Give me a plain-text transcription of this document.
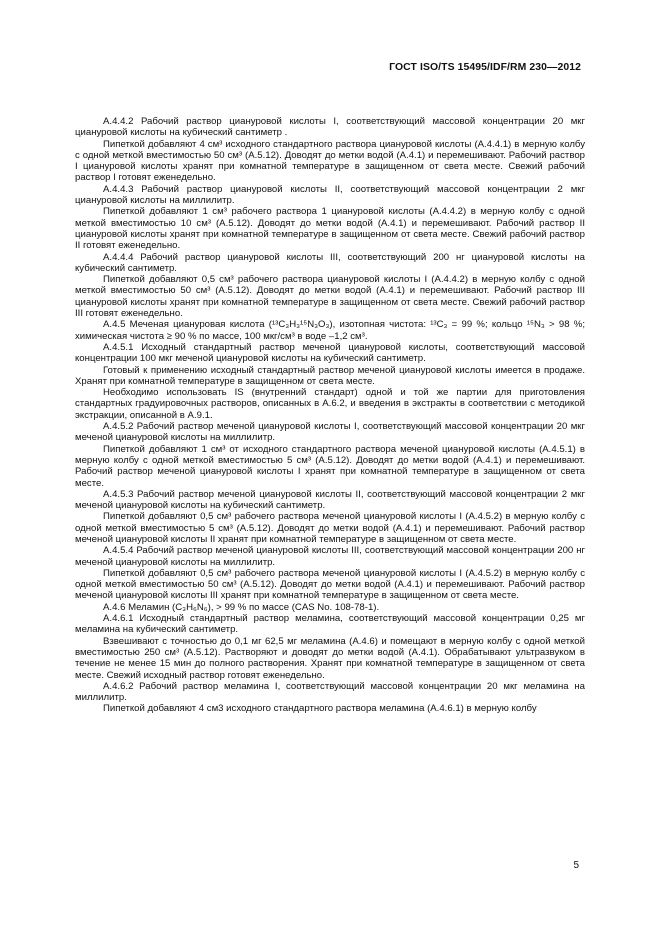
ГОСТ ISO/TS 15495/IDF/RM 230—2012

А.4.4.2 Рабочий раствор циануровой кислоты I, соответствующий массовой концентрации 20 мкг циануровой кислоты на кубический сантиметр .

Пипеткой добавляют 4 см³ исходного стандартного раствора циануровой кислоты (А.4.4.1) в мерную колбу с одной меткой вместимостью 50 см³ (А.5.12). Доводят до метки водой (А.4.1) и перемешивают. Рабочий раствор I циануровой кислоты хранят при комнатной температуре в защищенном от света месте. Свежий рабочий раствор I готовят еженедельно.

А.4.4.3 Рабочий раствор циануровой кислоты II, соответствующий массовой концентрации 2 мкг циануровой кислоты на миллилитр.

Пипеткой добавляют 1 см³ рабочего раствора 1 циануровой кислоты (А.4.4.2) в мерную колбу с одной меткой вместимостью 10 см³ (А.5.12). Доводят до метки водой (А.4.1) и перемешивают. Рабочий раствор II циануровой кислоты хранят при комнатной температуре в защищенном от света месте. Свежий рабочий раствор II готовят еженедельно.

А.4.4.4 Рабочий раствор циануровой кислоты III, соответствующий 200 нг циануровой кислоты на кубический сантиметр.

Пипеткой добавляют 0,5 см³ рабочего раствора циануровой кислоты I (А.4.4.2) в мерную колбу с одной меткой вместимостью 50 см³ (А.5.12). Доводят до метки водой (А.4.1) и перемешивают. Рабочий раствор III циануровой кислоты хранят при комнатной температуре в защищенном от света месте. Свежий рабочий раствор III готовят еженедельно.

А.4.5 Меченая циануровая кислота (¹³C₃H₃¹⁵N₃O₃), изотопная чистота: ¹³C₃ = 99 %; кольцо ¹⁵N₃ > 98 %; химическая чистота ≥ 90 % по массе, 100 мкг/см³ в воде –1,2 см³.

А.4.5.1 Исходный стандартный раствор меченой циануровой кислоты, соответствующий массовой концентрации 100 мкг меченой циануровой кислоты на кубический сантиметр.

Готовый к применению исходный стандартный раствор меченой циануровой кислоты имеется в продаже. Хранят при комнатной температуре в защищенном от света месте.

Необходимо использовать IS (внутренний стандарт) одной и той же партии для приготовления стандартных градуировочных растворов, описанных в А.6.2, и введения в экстракты в соответствии с методикой экстракции, описанной в А.9.1.

А.4.5.2 Рабочий раствор меченой циануровой кислоты I, соответствующий массовой концентрации 20 мкг меченой циануровой кислоты на миллилитр.

Пипеткой добавляют 1 см³ от исходного стандартного раствора меченой циануровой кислоты (А.4.5.1) в мерную колбу с одной меткой вместимостью 5 см³ (А.5.12). Доводят до метки водой (А.4.1) и перемешивают. Рабочий раствор меченой циануровой кислоты I хранят при комнатной температуре в защищенном от света месте.

А.4.5.3 Рабочий раствор меченой циануровой кислоты II, соответствующий массовой концентрации 2 мкг меченой циануровой кислоты на кубический сантиметр.

Пипеткой добавляют 0,5 см³ рабочего раствора меченой циануровой кислоты I (А.4.5.2) в мерную колбу с одной меткой вместимостью 5 см³ (А.5.12). Доводят до метки водой (А.4.1) и перемешивают. Рабочий раствор меченой циануровой кислоты II хранят при комнатной температуре в защищенном от света месте.

А.4.5.4 Рабочий раствор меченой циануровой кислоты III, соответствующий массовой концентрации 200 нг меченой циануровой кислоты на миллилитр.

Пипеткой добавляют 0,5 см³ рабочего раствора меченой циануровой кислоты I (А.4.5.2) в мерную колбу с одной меткой вместимостью 50 см³ (А.5.12). Доводят до метки водой (А.4.1) и перемешивают. Рабочий раствор меченой циануровой кислоты III хранят при комнатной температуре в защищенном от света месте.

А.4.6 Меламин (C₃H₆N₆), > 99 % по массе (CAS No. 108-78-1).

А.4.6.1 Исходный стандартный раствор меламина, соответствующий массовой концентрации 0,25 мг меламина на кубический сантиметр.

Взвешивают с точностью до 0,1 мг 62,5 мг меламина (А.4.6) и помещают в мерную колбу с одной меткой вместимостью 250 см³ (А.5.12). Растворяют и доводят до метки водой (А.4.1). Обрабатывают ультразвуком в течение не менее 15 мин до полного растворения. Хранят при комнатной температуре в защищенном от света месте. Свежий исходный раствор готовят еженедельно.

А.4.6.2 Рабочий раствор меламина I, соответствующий массовой концентрации 20 мкг меламина на миллилитр.

Пипеткой добавляют 4 см3 исходного стандартного раствора меламина (А.4.6.1) в мерную колбу

5
